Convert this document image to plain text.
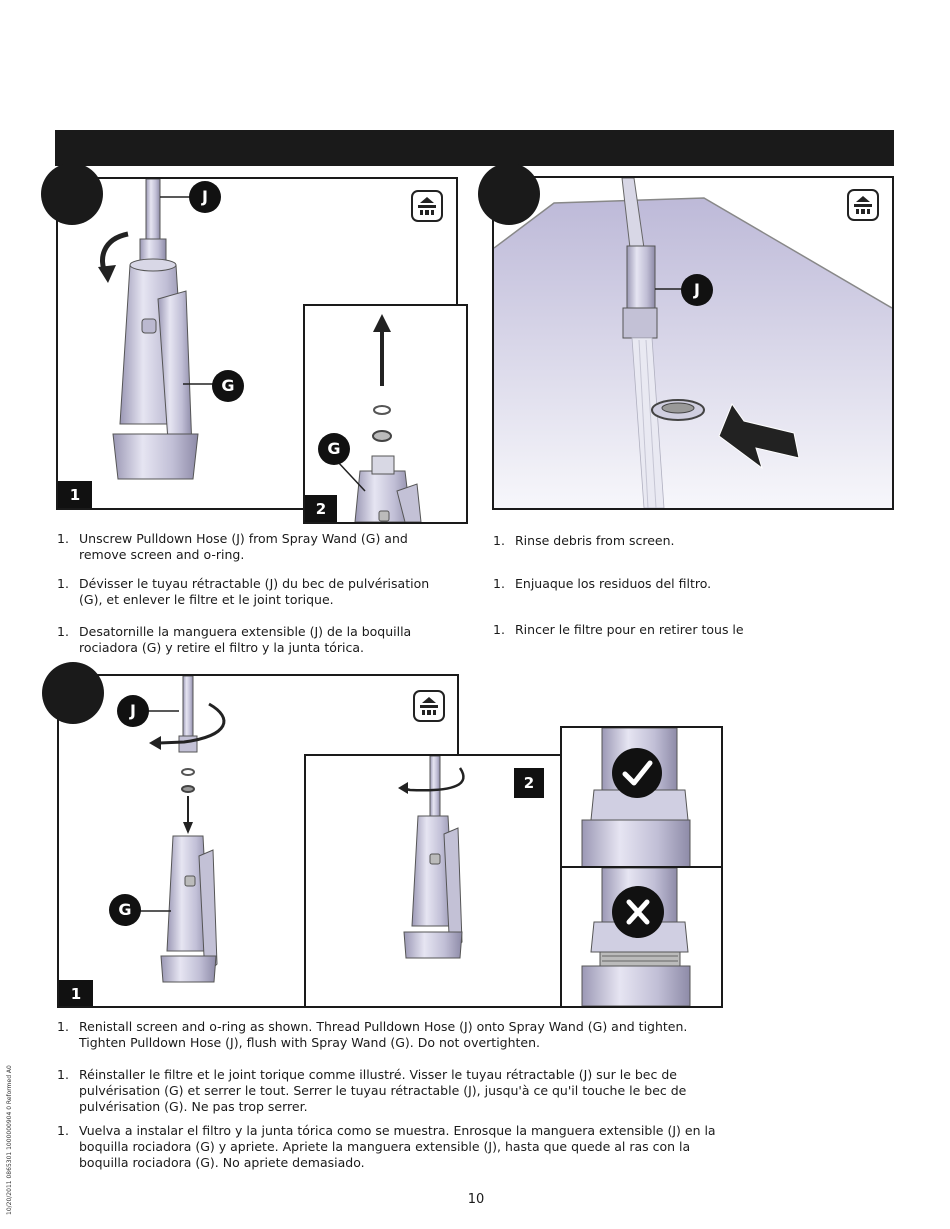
J
G
1
G
2
J
1. Unscrew Pulldown Hose (J) from Spray Wand (G) and remove screen and o-ring.
1. Dévisser le tuyau rétractable (J) du bec de pulvérisation (G), et enlever le filtre et le joint torique.
1. Desatornille la manguera extensible (J) de la boquilla rociadora (G) y retire el filtro y la junta tórica.
1. Rinse debris from screen.
1. Enjuaque los residuos del filtro.
1. Rincer le filtre pour en retirer tous le
J
G
1
2
1. Renistall screen and o-ring as shown. Thread Pulldown Hose (J) onto Spray Wand (G) and tighten. Tighten Pulldown Hose (J), flush with Spray Wand (G). Do not overtighten.
1. Réinstaller le filtre et le joint torique comme illustré. Visser le tuyau rétractable (J) sur le bec de pulvérisation (G) et serrer le tout. Serrer le tuyau rétractable (J), jusqu'à ce qu'il touche le bec de pulvérisation (G). Ne pas trop serrer.
1. Vuelva a instalar el filtro y la junta tórica como se muestra. Enrosque la manguera extensible (J) en la boquilla rociadora (G) y apriete. Apriete la manguera extensible (J), hasta que quede al ras con la boquilla rociadora (G). No apriete demasiado.
10
10/20/2011 0865301 1000000904 0 Reformed A0
